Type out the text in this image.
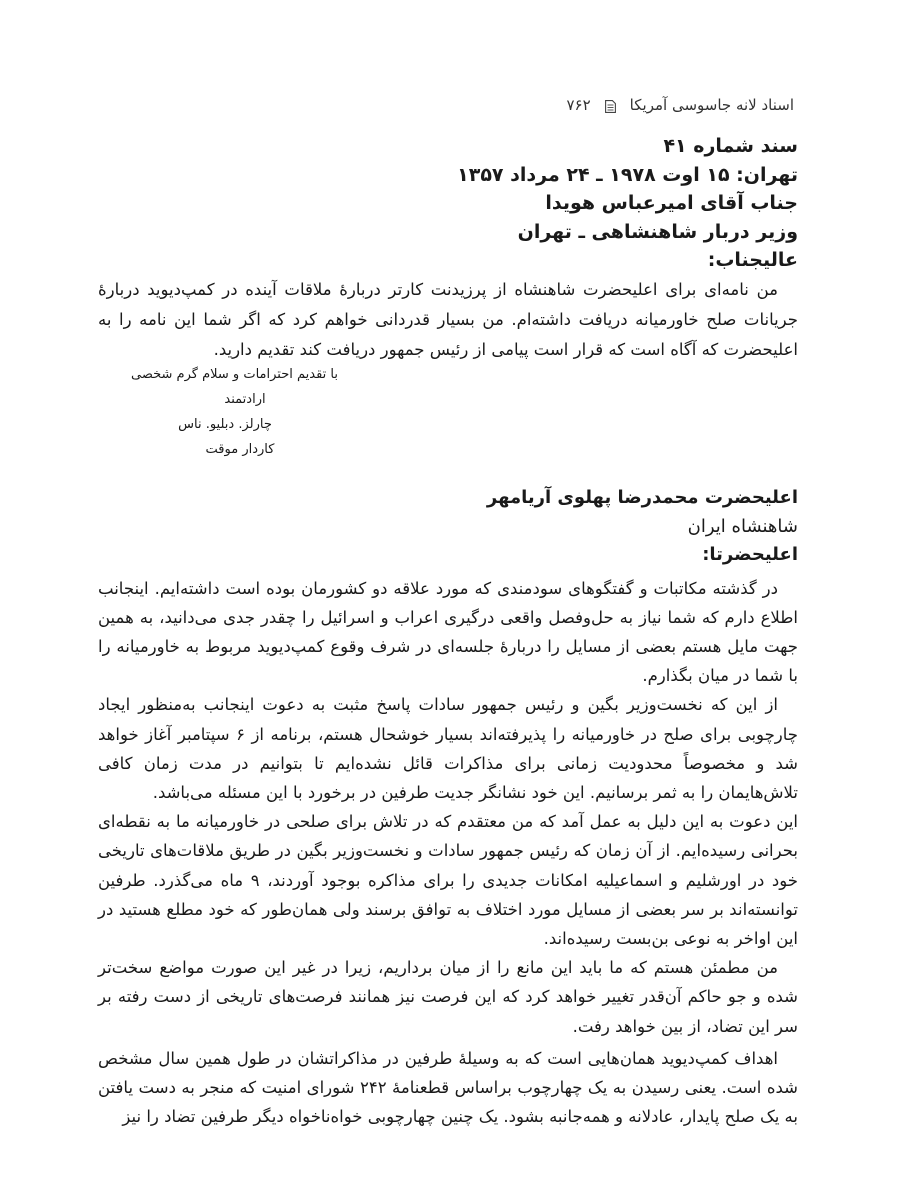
اسناد لانه جاسوسی آمریکا
۷۶۲

سند شماره ۴۱

تهران: ۱۵ اوت ۱۹۷۸ ـ ۲۴ مرداد ۱۳۵۷

جناب آقای امیرعباس هویدا

وزیر دربار شاهنشاهی ـ تهران

عالیجناب:

من نامه‌ای برای اعلیحضرت شاهنشاه از پرزیدنت کارتر دربارۀ ملاقات آینده در کمپ‌دیوید دربارۀ جریانات صلح خاورمیانه دریافت داشته‌ام. من بسیار قدردانی خواهم کرد که اگر شما این نامه را به اعلیحضرت که آگاه است که قرار است پیامی از رئیس جمهور دریافت کند تقدیم دارید.

با تقدیم احترامات و سلام گرم شخصی
ارادتمند
چارلز. دبلیو. ناس
کاردار موقت

اعلیحضرت محمدرضا پهلوی آریامهر

شاهنشاه ایران

اعلیحضرتا:

در گذشته مکاتبات و گفتگوهای سودمندی که مورد علاقه دو کشورمان بوده است داشته‌ایم. اینجانب اطلاع دارم که شما نیاز به حل‌وفصل واقعی درگیری اعراب و اسرائیل را چقدر جدی می‌دانید، به همین جهت مایل هستم بعضی از مسایل را دربارۀ جلسه‌ای در شرف وقوع کمپ‌دیوید مربوط به خاورمیانه را با شما در میان بگذارم.

از این که نخست‌وزیر بگین و رئیس جمهور سادات پاسخ مثبت به دعوت اینجانب به‌منظور ایجاد چارچوبی برای صلح در خاورمیانه را پذیرفته‌اند بسیار خوشحال هستم، برنامه از ۶ سپتامبر آغاز خواهد شد و مخصوصاً محدودیت زمانی برای مذاکرات قائل نشده‌ایم تا بتوانیم در مدت زمان کافی تلاش‌هایمان را به ثمر برسانیم. این خود نشانگر جدیت طرفین در برخورد با این مسئله می‌باشد.

این دعوت به این دلیل به عمل آمد که من معتقدم که در تلاش برای صلحی در خاورمیانه ما به نقطه‌ای بحرانی رسیده‌ایم. از آن زمان که رئیس جمهور سادات و نخست‌وزیر بگین در طریق ملاقات‌های تاریخی خود در اورشلیم و اسماعیلیه امکانات جدیدی را برای مذاکره بوجود آوردند، ۹ ماه می‌گذرد. طرفین توانسته‌اند بر سر بعضی از مسایل مورد اختلاف به توافق برسند ولی همان‌طور که خود مطلع هستید در این اواخر به نوعی بن‌بست رسیده‌اند.

من مطمئن هستم که ما باید این مانع را از میان برداریم، زیرا در غیر این صورت مواضع سخت‌تر شده و جو حاکم آن‌قدر تغییر خواهد کرد که این فرصت نیز همانند فرصت‌های تاریخی از دست رفته بر سر این تضاد، از بین خواهد رفت.

اهداف کمپ‌دیوید همان‌هایی است که به وسیلۀ طرفین در مذاکراتشان در طول همین سال مشخص شده است. یعنی رسیدن به یک چهارچوب براساس قطعنامۀ ۲۴۲ شورای امنیت که منجر به دست یافتن به یک صلح پایدار، عادلانه و همه‌جانبه بشود. یک چنین چهارچوبی خواه‌ناخواه دیگر طرفین تضاد را نیز
